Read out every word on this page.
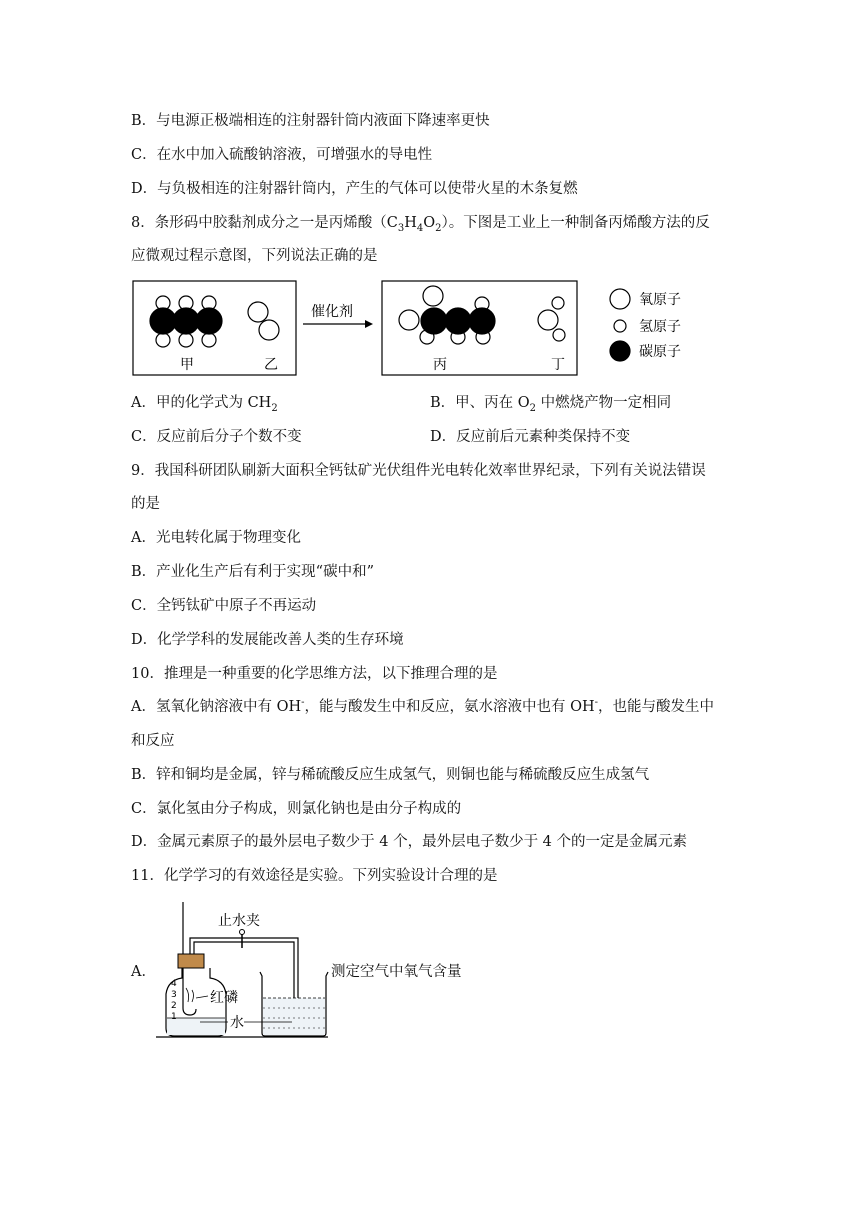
B．与电源正极端相连的注射器针筒内液面下降速率更快
C．在水中加入硫酸钠溶液，可增强水的导电性
D．与负极相连的注射器针筒内，产生的气体可以使带火星的木条复燃
8．条形码中胶黏剂成分之一是丙烯酸$(C_3H_4O_2)$。下图是工业上一种制备丙烯酸方法的反
应微观过程示意图，下列说法正确的是
甲	乙
催化剂
丙	丁
氧原子
氢原子
碳原子
A．甲的化学式为 $CH_2$	B．甲、丙在 $O_2$ 中燃烧产物一定相同
C．反应前后分子个数不变	D．反应前后元素种类保持不变
9．我国科研团队刷新大面积全钙钛矿光伏组件光电转化效率世界纪录，下列有关说法错误
的是
A．光电转化属于物理变化
B．产业化生产后有利于实现“碳中和”
C．全钙钛矿中原子不再运动
D．化学学科的发展能改善人类的生存环境
10．推理是一种重要的化学思维方法，以下推理合理的是
A．氢氧化钠溶液中有 OH-，能与酸发生中和反应，氨水溶液中也有 OH-，也能与酸发生中
和反应
B．锌和铜均是金属，锌与稀硫酸反应生成氢气，则铜也能与稀硫酸反应生成氢气
C．氯化氢由分子构成，则氯化钠也是由分子构成的
D．金属元素原子的最外层电子数少于 4 个，最外层电子数少于 4 个的一定是金属元素
11．化学学习的有效途径是实验。下列实验设计合理的是
A．	测定空气中氧气含量
4
3
2
1
止水夹
红磷
水
